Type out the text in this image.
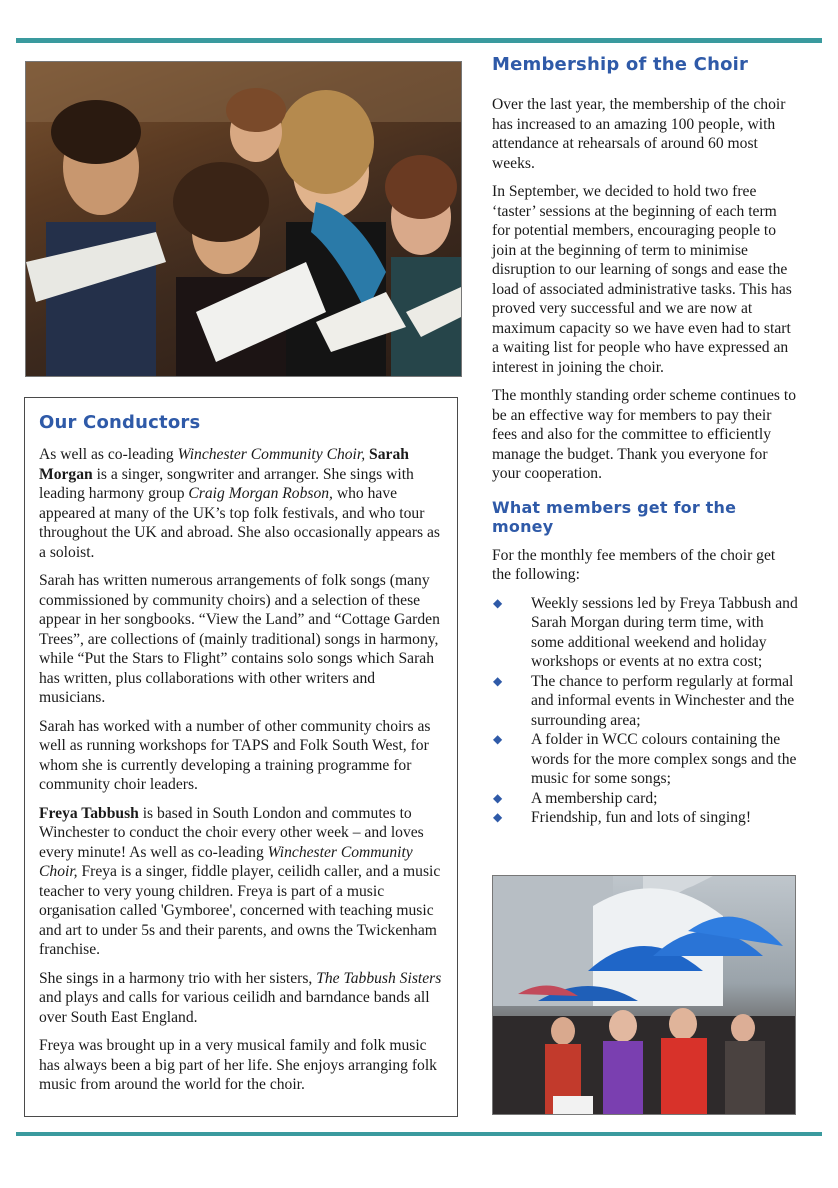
Our Conductors

As well as co-leading Winchester Community Choir, Sarah Morgan is a singer, songwriter and arranger. She sings with leading harmony group Craig Morgan Robson, who have appeared at many of the UK’s top folk festivals, and who tour throughout the UK and abroad. She also occasionally appears as a soloist.

Sarah has written numerous arrangements of folk songs (many commissioned by community choirs) and a selection of these appear in her songbooks. “View the Land” and “Cottage Garden Trees”, are collections of (mainly traditional) songs in harmony, while “Put the Stars to Flight” contains solo songs which Sarah has written, plus collaborations with other writers and musicians.

Sarah has worked with a number of other community choirs as well as running workshops for TAPS and Folk South West, for whom she is currently developing a training programme for community choir leaders.

Freya Tabbush is based in South London and commutes to Winchester to conduct the choir every other week – and loves every minute! As well as co-leading Winchester Community Choir, Freya is a singer, fiddle player, ceilidh caller, and a music teacher to very young children. Freya is part of a music organisation called 'Gymboree', concerned with teaching music and art to under 5s and their parents, and owns the Twickenham franchise.

She sings in a harmony trio with her sisters, The Tabbush Sisters and plays and calls for various ceilidh and barndance bands all over South East England.

Freya was brought up in a very musical family and folk music has always been a big part of her life. She enjoys arranging folk music from around the world for the choir.

Membership of the Choir

Over the last year, the membership of the choir has increased to an amazing 100 people, with attendance at rehearsals of around 60 most weeks.

In September, we decided to hold two free ‘taster’ sessions at the beginning of each term for potential members, encouraging people to join at the beginning of term to minimise disruption to our learning of songs and ease the load of associated administrative tasks. This has proved very successful and we are now at maximum capacity so we have even had to start a waiting list for people who have expressed an interest in joining the choir.

The monthly standing order scheme continues to be an effective way for members to pay their fees and also for the committee to efficiently manage the budget. Thank you everyone for your cooperation.

What members get for the money

For the monthly fee members of the choir get the following:

◆ Weekly sessions led by Freya Tabbush and Sarah Morgan during term time, with some additional weekend and holiday workshops or events at no extra cost;
◆ The chance to perform regularly at formal and informal events in Winchester and the surrounding area;
◆ A folder in WCC colours containing the words for the more complex songs and the music for some songs;
◆ A membership card;
◆ Friendship, fun and lots of singing!
